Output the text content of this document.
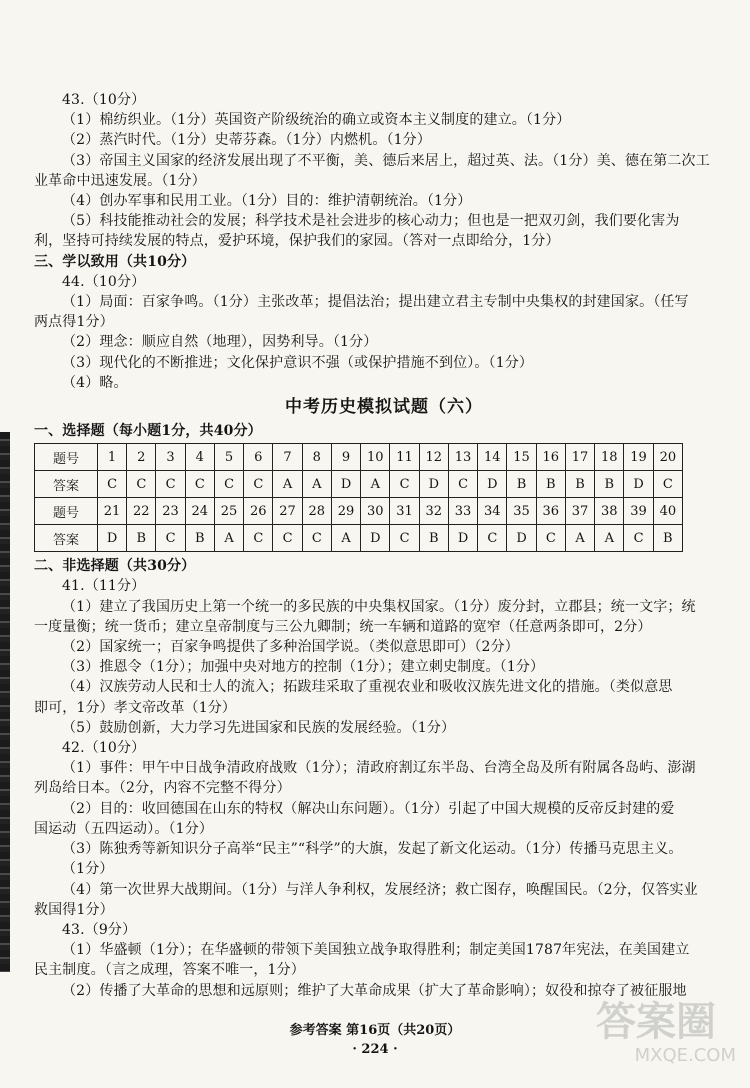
43.（10分）
（1）棉纺织业。（1分）英国资产阶级统治的确立或资本主义制度的建立。（1分）
（2）蒸汽时代。（1分）史蒂芬森。（1分）内燃机。（1分）
（3）帝国主义国家的经济发展出现了不平衡，美、德后来居上，超过英、法。（1分）美、德在第二次工
业革命中迅速发展。（1分）
（4）创办军事和民用工业。（1分）目的：维护清朝统治。（1分）
（5）科技能推动社会的发展；科学技术是社会进步的核心动力；但也是一把双刃剑，我们要化害为
利，坚持可持续发展的特点，爱护环境，保护我们的家园。（答对一点即给分，1分）
三、学以致用（共10分）
44.（10分）
（1）局面：百家争鸣。（1分）主张改革；提倡法治；提出建立君主专制中央集权的封建国家。（任写
两点得1分）
（2）理念：顺应自然（地理），因势利导。（1分）
（3）现代化的不断推进；文化保护意识不强（或保护措施不到位）。（1分）
（4）略。
中考历史模拟试题（六）
一、选择题（每小题1分，共40分）
题号	1	2	3	4	5	6	7	8	9	10	11	12	13	14	15	16	17	18	19	20
答案	C	C	C	C	C	C	A	A	D	A	C	D	C	D	B	B	B	B	D	C
题号	21	22	23	24	25	26	27	28	29	30	31	32	33	34	35	36	37	38	39	40
答案	D	B	C	B	A	C	C	C	A	D	C	B	D	C	D	C	A	A	C	B
二、非选择题（共30分）
41.（11分）
（1）建立了我国历史上第一个统一的多民族的中央集权国家。（1分）废分封，立郡县；统一文字；统
一度量衡；统一货币；建立皇帝制度与三公九卿制；统一车辆和道路的宽窄（任意两条即可，2分）
（2）国家统一；百家争鸣提供了多种治国学说。（类似意思即可）（2分）
（3）推恩令（1分）；加强中央对地方的控制（1分）；建立刺史制度。（1分）
（4）汉族劳动人民和士人的流入；拓跋珪采取了重视农业和吸收汉族先进文化的措施。（类似意思
即可，1分）孝文帝改革（1分）
（5）鼓励创新，大力学习先进国家和民族的发展经验。（1分）
42.（10分）
（1）事件：甲午中日战争清政府战败（1分）；清政府割辽东半岛、台湾全岛及所有附属各岛屿、澎湖
列岛给日本。（2分，内容不完整不得分）
（2）目的：收回德国在山东的特权（解决山东问题）。（1分）引起了中国大规模的反帝反封建的爱
国运动（五四运动）。（1分）
（3）陈独秀等新知识分子高举“民主”“科学”的大旗，发起了新文化运动。（1分）传播马克思主义。
（1分）
（4）第一次世界大战期间。（1分）与洋人争利权，发展经济；救亡图存，唤醒国民。（2分，仅答实业
救国得1分）
43.（9分）
（1）华盛顿（1分）；在华盛顿的带领下美国独立战争取得胜利；制定美国1787年宪法，在美国建立
民主制度。（言之成理，答案不唯一，1分）
（2）传播了大革命的思想和远原则；维护了大革命成果（扩大了革命影响）；奴役和掠夺了被征服地
参考答案 第16页（共20页）
· 224 ·
答案圈
MXQE.COM
